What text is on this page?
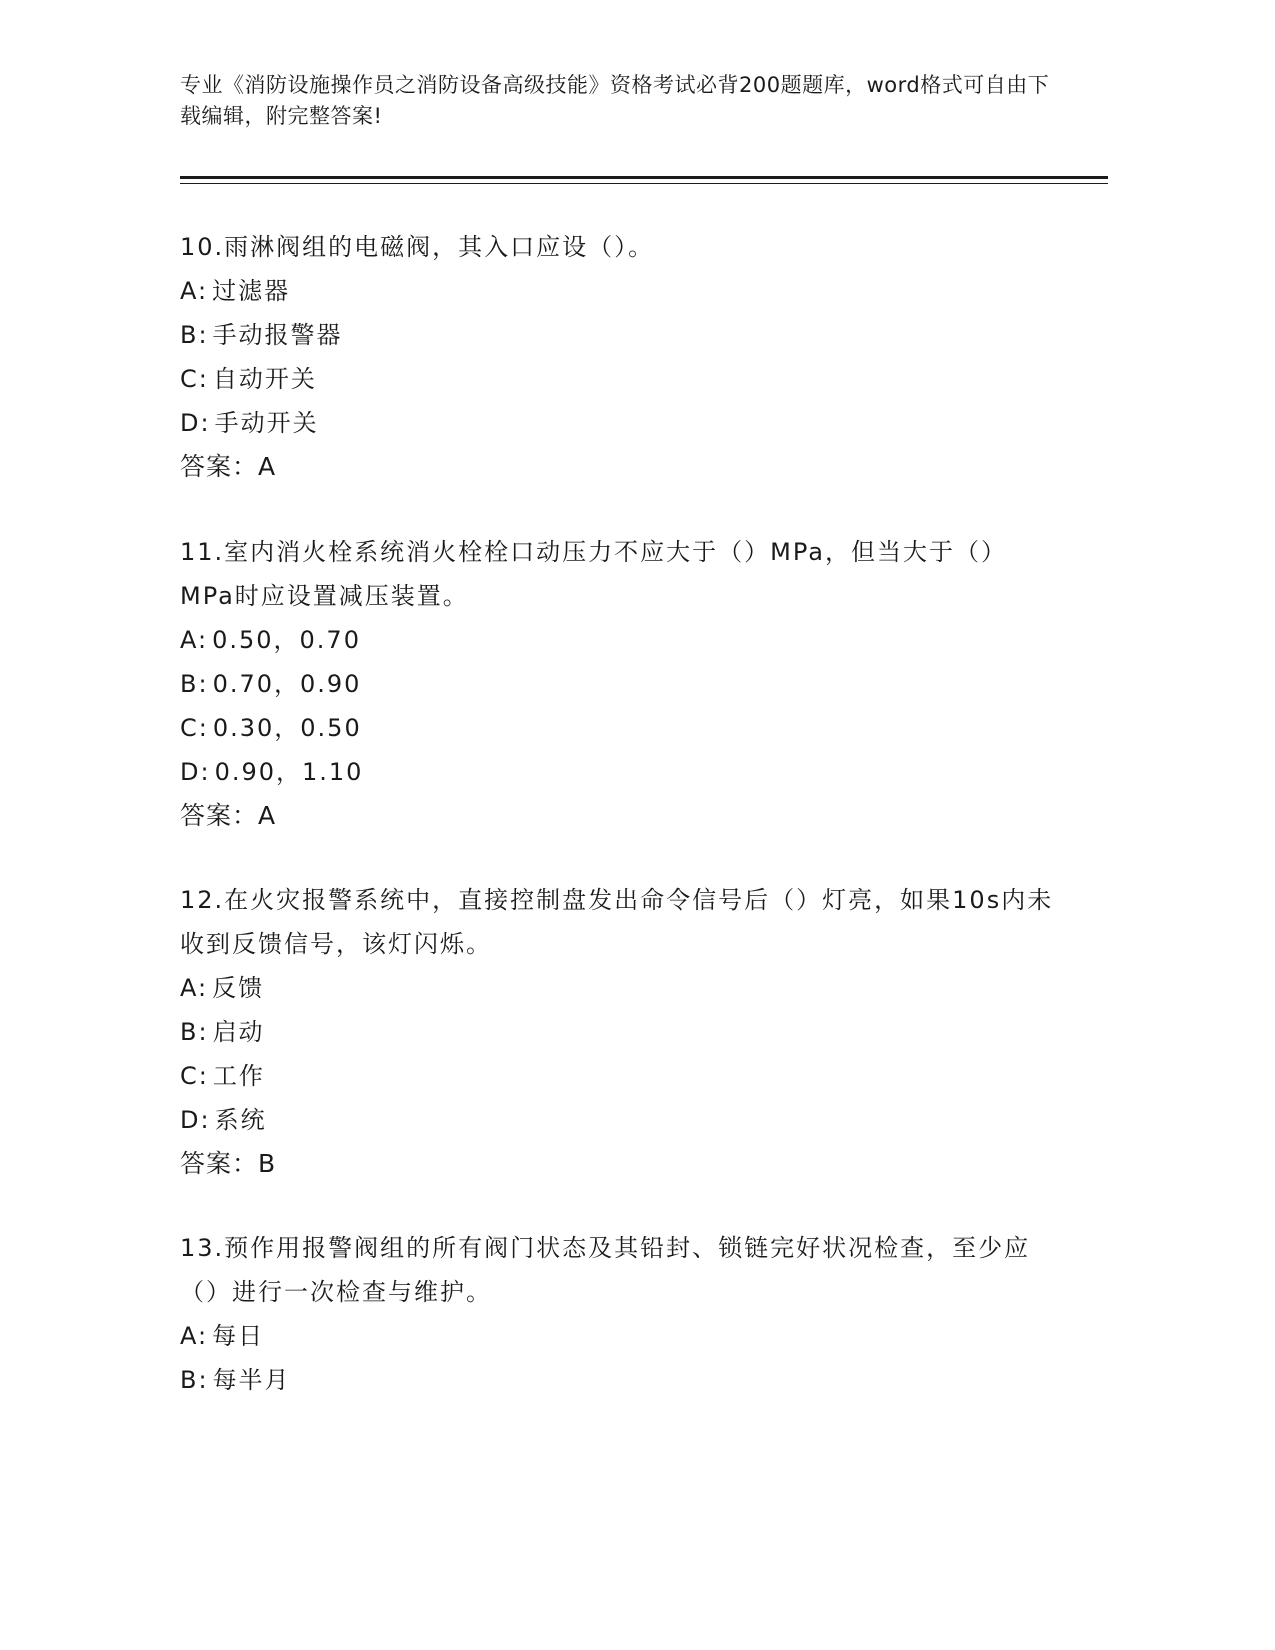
专业《消防设施操作员之消防设备高级技能》资格考试必背200题题库，word格式可自由下载编辑，附完整答案!
10.雨淋阀组的电磁阀，其入口应设（）。
A: 过滤器
B: 手动报警器
C: 自动开关
D: 手动开关
答案：A
11.室内消火栓系统消火栓栓口动压力不应大于（）MPa，但当大于（）MPa时应设置减压装置。
A: 0.50，0.70
B: 0.70，0.90
C: 0.30，0.50
D: 0.90，1.10
答案：A
12.在火灾报警系统中，直接控制盘发出命令信号后（）灯亮，如果10s内未收到反馈信号，该灯闪烁。
A: 反馈
B: 启动
C: 工作
D: 系统
答案：B
13.预作用报警阀组的所有阀门状态及其铅封、锁链完好状况检查，至少应（）进行一次检查与维护。
A: 每日
B: 每半月
